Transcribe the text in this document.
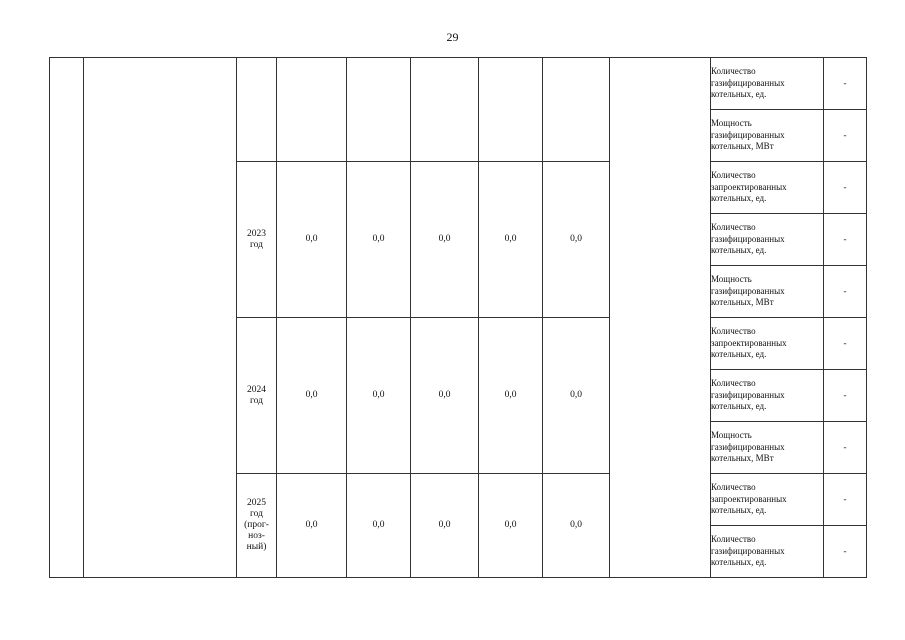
29
									Количество газифицированных котельных, ед.	-
									Мощность газифицированных котельных, МВт	-
		2023
год	0,0	0,0	0,0	0,0	0,0		Количество запроектированных котельных, ед.	-
									Количество газифицированных котельных, ед.	-
									Мощность газифицированных котельных, МВт	-
		2024
год	0,0	0,0	0,0	0,0	0,0		Количество запроектированных котельных, ед.	-
									Количество газифицированных котельных, ед.	-
									Мощность газифицированных котельных, МВт	-
		2025
год
(прог-
ноз-
ный)	0,0	0,0	0,0	0,0	0,0		Количество запроектированных котельных, ед.	-
									Количество газифицированных котельных, ед.	-
